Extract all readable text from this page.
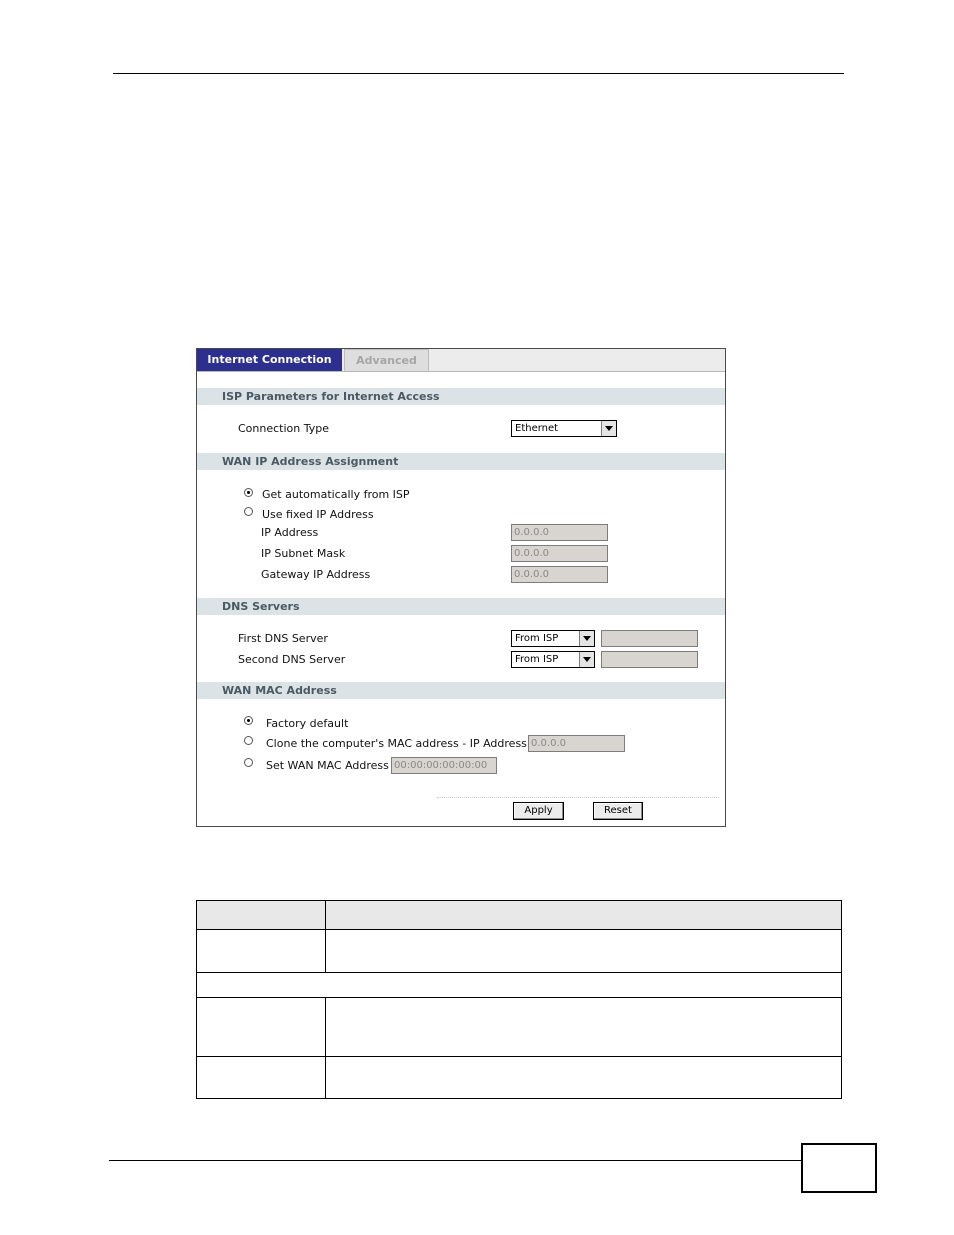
Internet Connection	Advanced
ISP Parameters for Internet Access
Connection Type	Ethernet
WAN IP Address Assignment
Get automatically from ISP
Use fixed IP Address
IP Address	0.0.0.0
IP Subnet Mask	0.0.0.0
Gateway IP Address	0.0.0.0
DNS Servers
First DNS Server	From ISP
Second DNS Server	From ISP
WAN MAC Address
Factory default
Clone the computer's MAC address - IP Address 0.0.0.0
Set WAN MAC Address 00:00:00:00:00:00
Apply	Reset
